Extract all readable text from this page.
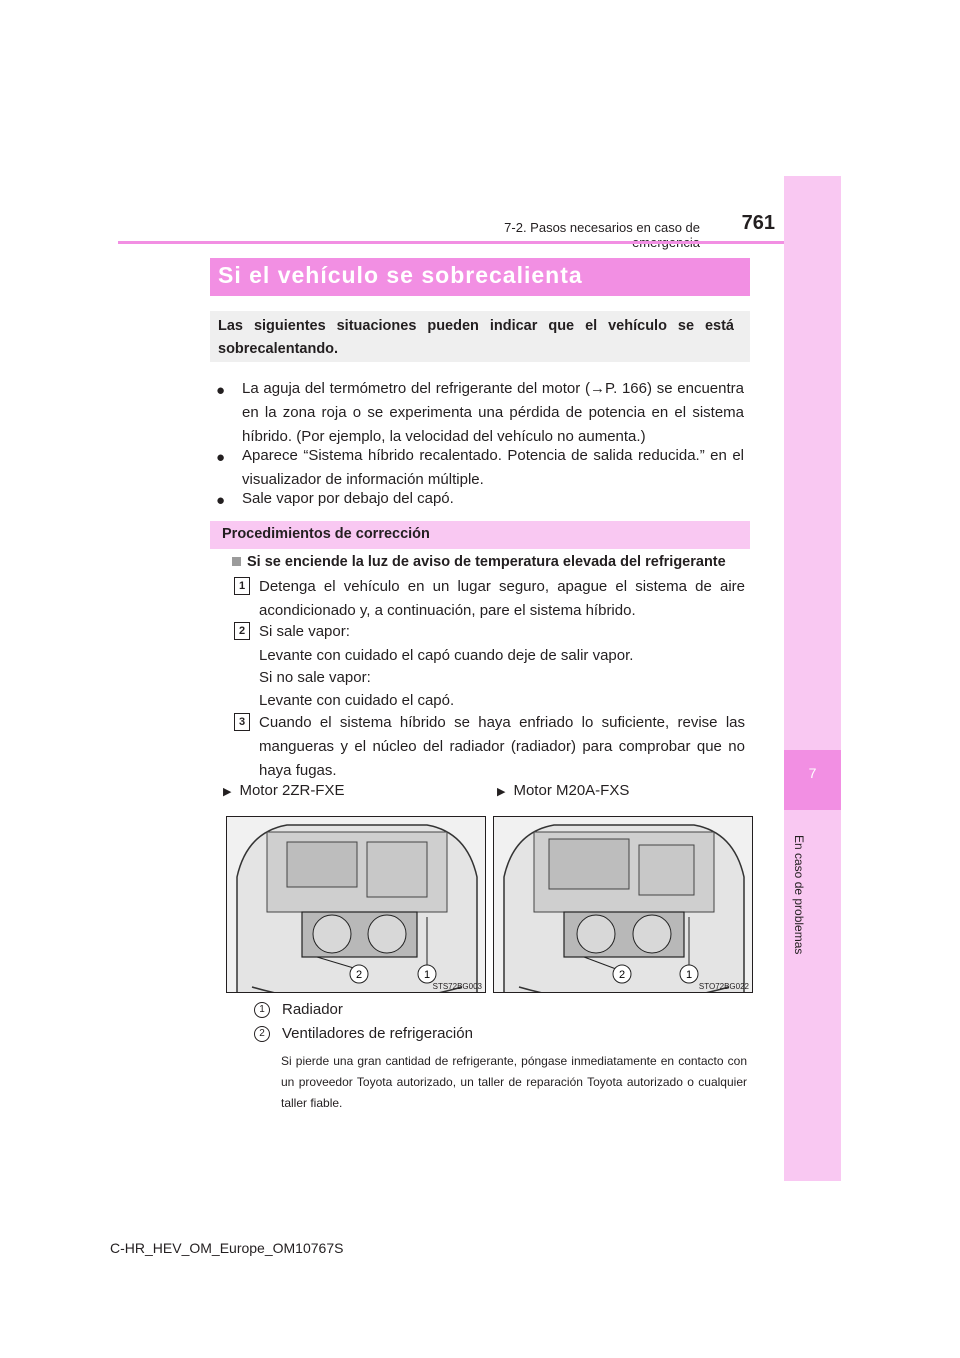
7
En caso de problemas
7-2. Pasos necesarios en caso de	761
Si el vehículo se sobrecalienta
Las siguientes situaciones pueden indicar que el vehículo se está sobrecalentando.
● La aguja del termómetro del refrigerante del motor (→P. 166) se encuentra en la zona roja o se experimenta una pérdida de potencia en el sistema híbrido. (Por ejemplo, la velocidad del vehículo no aumenta.)
● Aparece “Sistema híbrido recalentado. Potencia de salida reducida.” en el visualizador de información múltiple.
● Sale vapor por debajo del capó.
Procedimientos de corrección
Si se enciende la luz de aviso de temperatura elevada del refrigerante
1 Detenga el vehículo en un lugar seguro, apague el sistema de aire acondicionado y, a continuación, pare el sistema híbrido.
2 Si sale vapor:
Levante con cuidado el capó cuando deje de salir vapor.
Si no sale vapor:
Levante con cuidado el capó.
3 Cuando el sistema híbrido se haya enfriado lo suficiente, revise las mangueras y el núcleo del radiador (radiador) para comprobar que no haya fugas.
▶ Motor 2ZR-FXE	▶ Motor M20A-FXS
2	1
STS72BG003
2	1
STO72BG022
1 Radiador
2 Ventiladores de refrigeración
Si pierde una gran cantidad de refrigerante, póngase inmediatamente en contacto con un proveedor Toyota autorizado, un taller de reparación Toyota autorizado o cualquier taller fiable.
C-HR_HEV_OM_Europe_OM10767S
